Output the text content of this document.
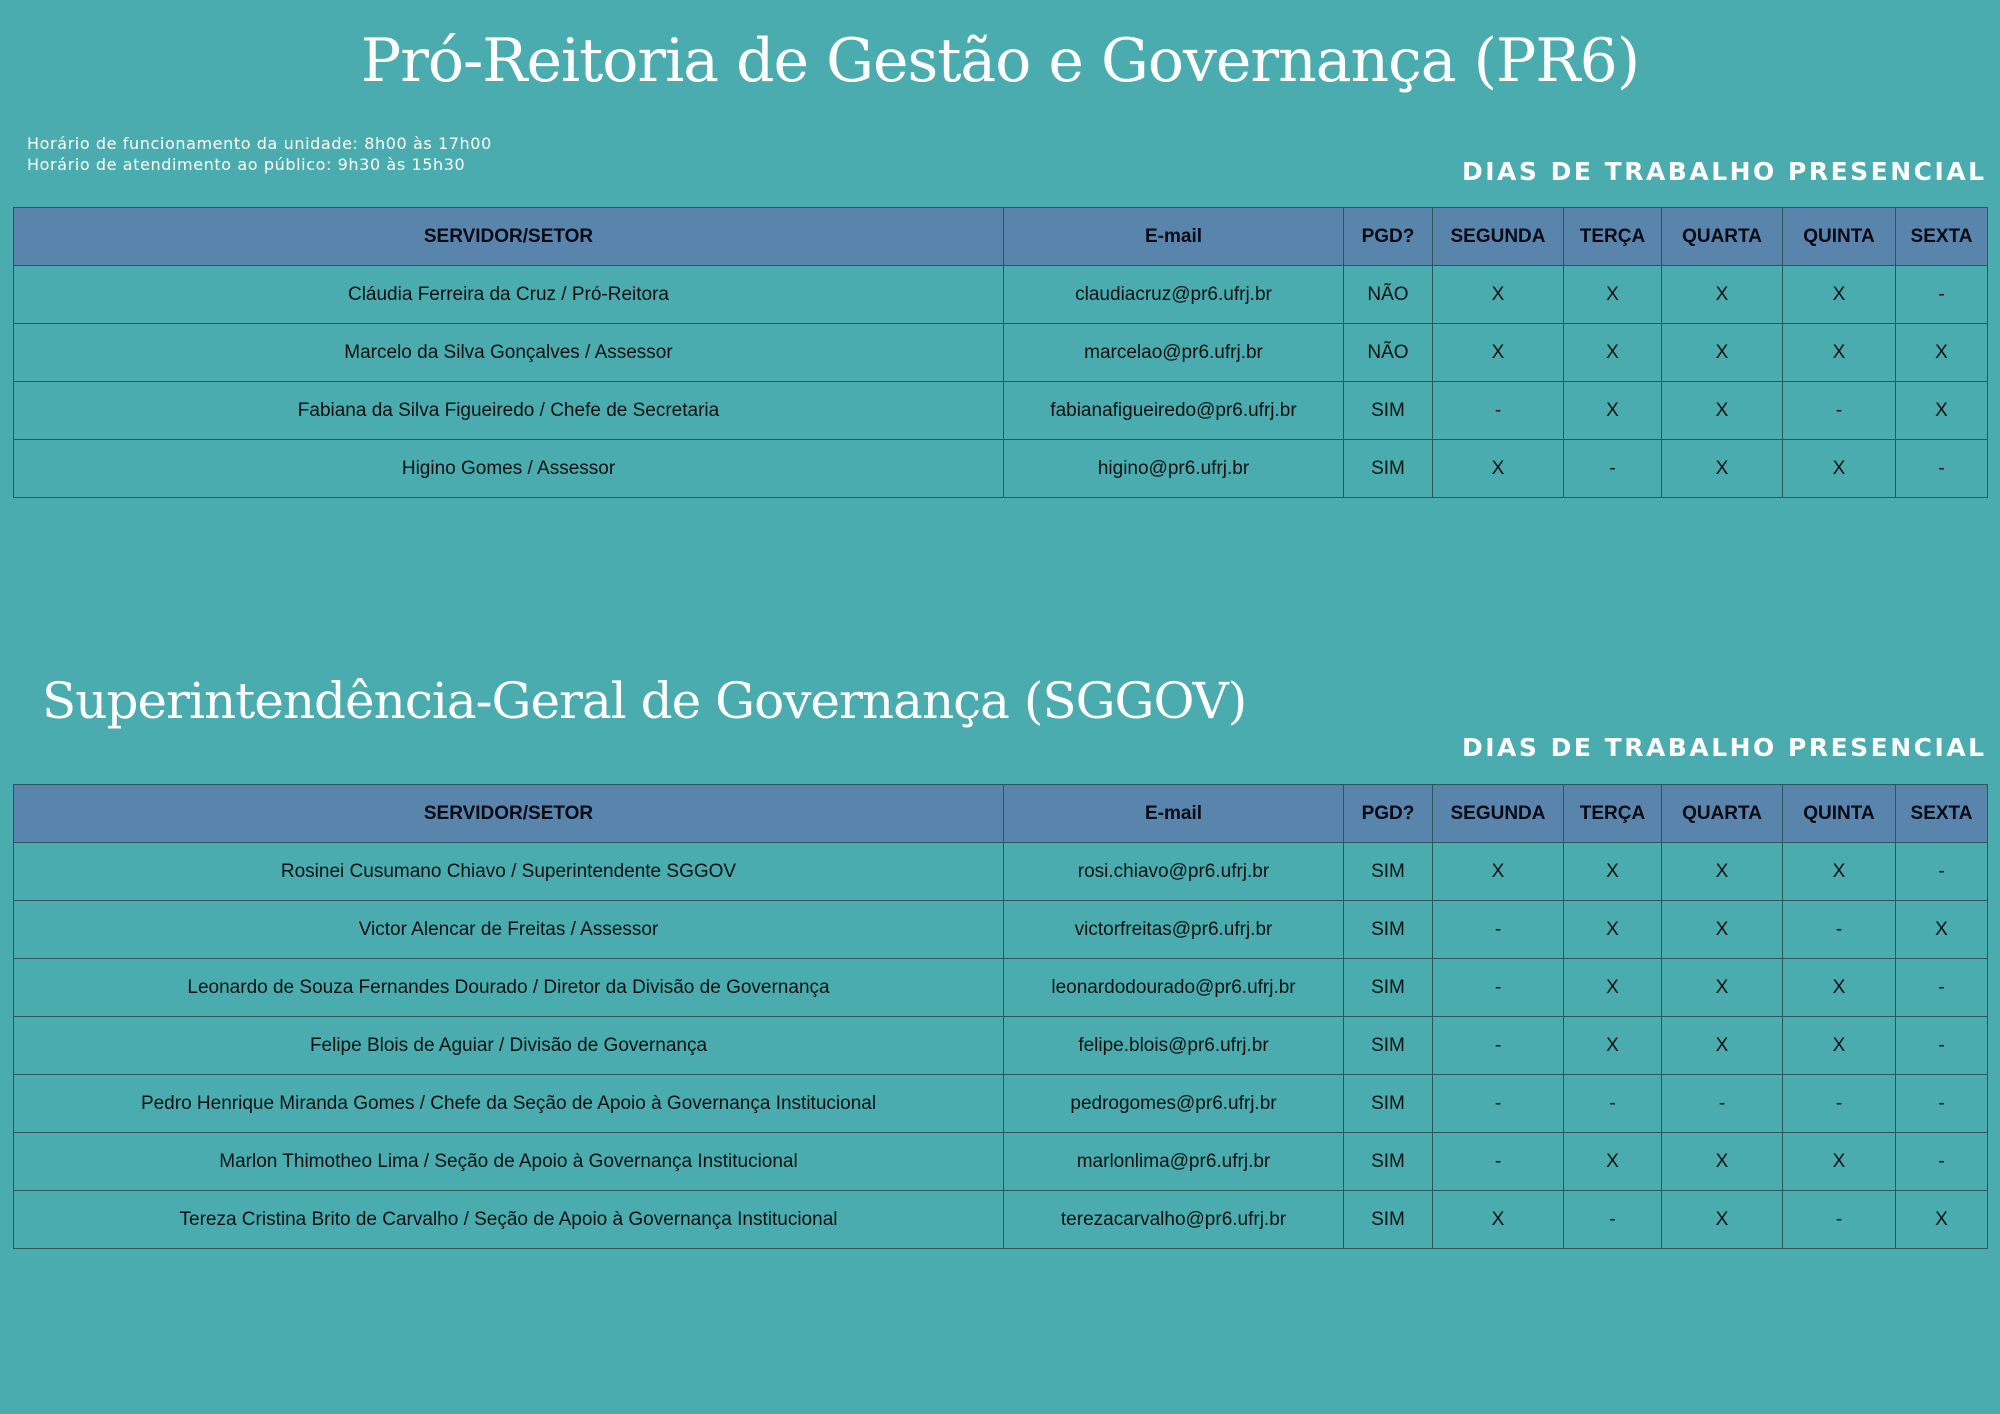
Pró-Reitoria de Gestão e Governança (PR6)
Horário de funcionamento da unidade: 8h00 às 17h00
Horário de atendimento ao público: 9h30 às 15h30	DIAS DE TRABALHO PRESENCIAL
SERVIDOR/SETOR	E-mail	PGD?	SEGUNDA	TERÇA	QUARTA	QUINTA	SEXTA
Cláudia Ferreira da Cruz / Pró-Reitora	claudiacruz@pr6.ufrj.br	NÃO	X	X	X	X	-
Marcelo da Silva Gonçalves / Assessor	marcelao@pr6.ufrj.br	NÃO	X	X	X	X	X
Fabiana da Silva Figueiredo / Chefe de Secretaria	fabianafigueiredo@pr6.ufrj.br	SIM	-	X	X	-	X
Higino Gomes / Assessor	higino@pr6.ufrj.br	SIM	X	-	X	X	-
Superintendência-Geral de Governança (SGGOV)
DIAS DE TRABALHO PRESENCIAL
SERVIDOR/SETOR	E-mail	PGD?	SEGUNDA	TERÇA	QUARTA	QUINTA	SEXTA
Rosinei Cusumano Chiavo / Superintendente SGGOV	rosi.chiavo@pr6.ufrj.br	SIM	X	X	X	X	-
Victor Alencar de Freitas / Assessor	victorfreitas@pr6.ufrj.br	SIM	-	X	X	-	X
Leonardo de Souza Fernandes Dourado / Diretor da Divisão de Governança	leonardodourado@pr6.ufrj.br	SIM	-	X	X	X	-
Felipe Blois de Aguiar / Divisão de Governança	felipe.blois@pr6.ufrj.br	SIM	-	X	X	X	-
Pedro Henrique Miranda Gomes / Chefe da Seção de Apoio à Governança Institucional	pedrogomes@pr6.ufrj.br	SIM	-	-	-	-	-
Marlon Thimotheo Lima / Seção de Apoio à Governança Institucional	marlonlima@pr6.ufrj.br	SIM	-	X	X	X	-
Tereza Cristina Brito de Carvalho / Seção de Apoio à Governança Institucional	terezacarvalho@pr6.ufrj.br	SIM	X	-	X	-	X
